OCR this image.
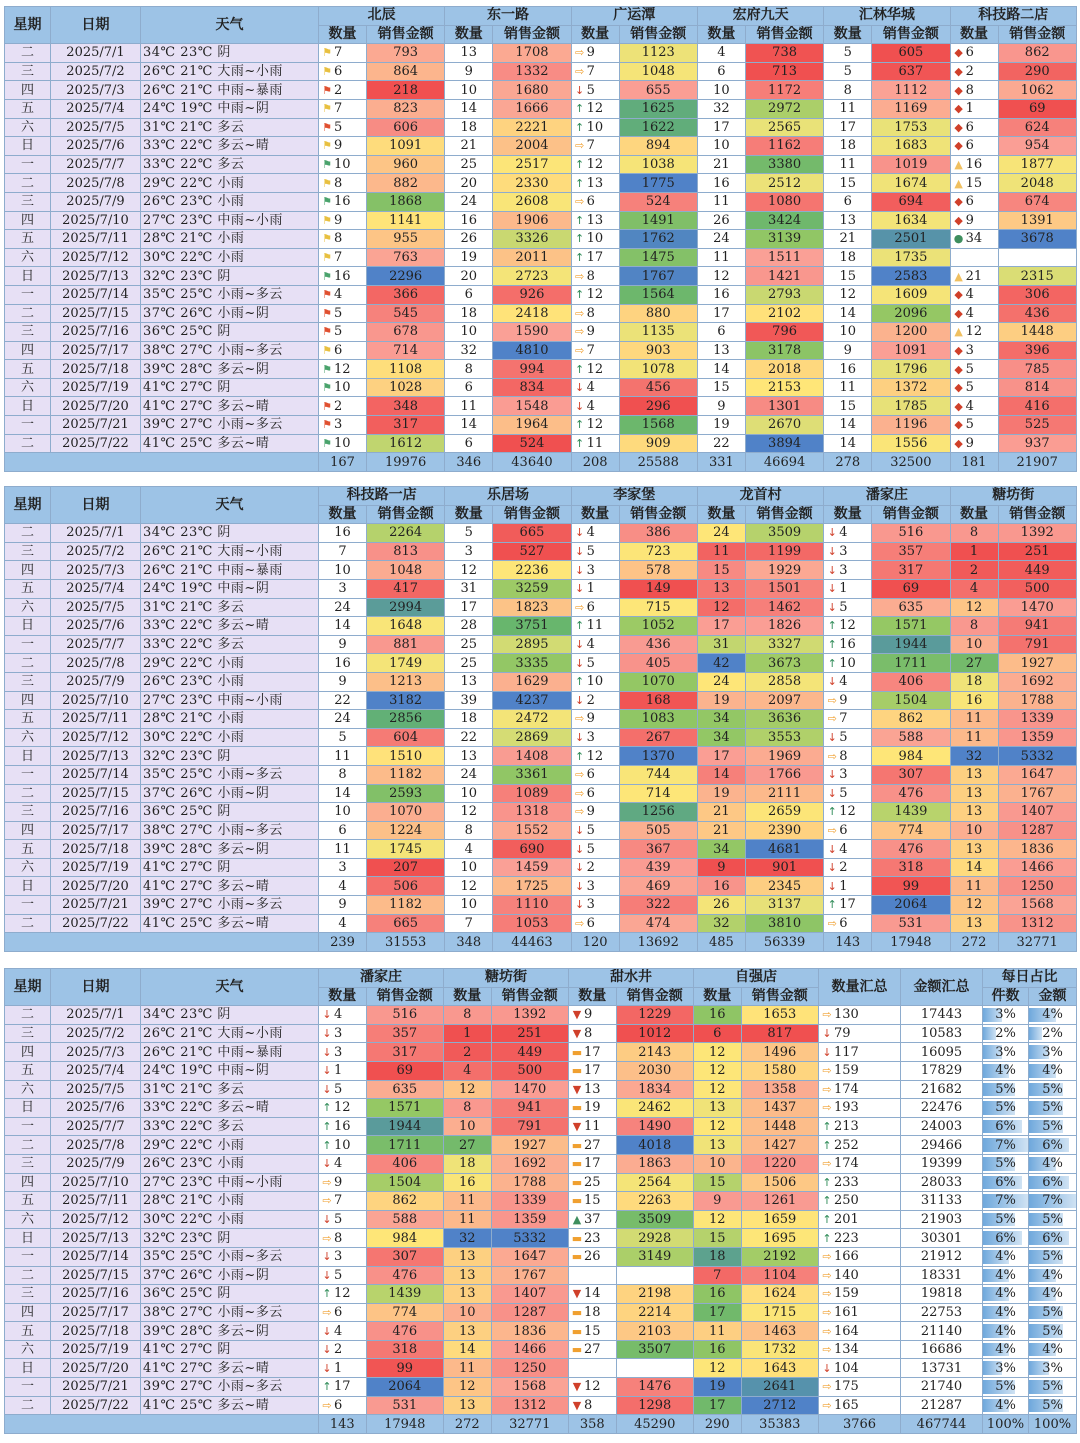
星期	日期	天气	北辰		东一路		广运潭		宏府九天		汇林华城		科技路二店	
			数量	销售金额	数量	销售金额	数量	销售金额	数量	销售金额	数量	销售金额	数量	销售金额
二	2025/7/1	34℃ 23℃ 阴	⚑ 7	793	13	1708	⇨ 9	1123	4	738	5	605	◆ 6	862
三	2025/7/2	26℃ 21℃ 大雨~小雨	⚑ 6	864	9	1332	⇨ 7	1048	6	713	5	637	◆ 2	290
四	2025/7/3	26℃ 21℃ 中雨~暴雨	⚑ 2	218	10	1680	↓ 5	655	10	1172	8	1112	◆ 8	1062
五	2025/7/4	24℃ 19℃ 中雨~阴	⚑ 7	823	14	1666	↑ 12	1625	32	2972	11	1169	◆ 1	69
六	2025/7/5	31℃ 21℃ 多云	⚑ 5	606	18	2221	↑ 10	1622	17	2565	17	1753	◆ 6	624
日	2025/7/6	33℃ 22℃ 多云~晴	⚑ 9	1091	21	2004	⇨ 7	894	10	1162	18	1683	◆ 6	954
一	2025/7/7	33℃ 22℃ 多云	⚑ 10	960	25	2517	↑ 12	1038	21	3380	11	1019	▲ 16	1877
二	2025/7/8	29℃ 22℃ 小雨	⚑ 8	882	20	2330	↑ 13	1775	16	2512	15	1674	▲ 15	2048
三	2025/7/9	26℃ 23℃ 小雨	⚑ 16	1868	24	2608	⇨ 6	524	11	1080	6	694	◆ 6	674
四	2025/7/10	27℃ 23℃ 中雨~小雨	⚑ 9	1141	16	1906	↑ 13	1491	26	3424	13	1634	◆ 9	1391
五	2025/7/11	28℃ 21℃ 小雨	⚑ 8	955	26	3326	↑ 10	1762	24	3139	21	2501	● 34	3678
六	2025/7/12	30℃ 22℃ 小雨	⚑ 7	763	19	2011	↑ 17	1475	11	1511	18	1735		
日	2025/7/13	32℃ 23℃ 阴	⚑ 16	2296	20	2723	⇨ 8	1767	12	1421	15	2583	▲ 21	2315
一	2025/7/14	35℃ 25℃ 小雨~多云	⚑ 4	366	6	926	↑ 12	1564	16	2793	12	1609	◆ 4	306
二	2025/7/15	37℃ 26℃ 小雨~阴	⚑ 5	545	18	2418	⇨ 8	880	17	2102	14	2096	◆ 4	436
三	2025/7/16	36℃ 25℃ 阴	⚑ 5	678	10	1590	⇨ 9	1135	6	796	10	1200	▲ 12	1448
四	2025/7/17	38℃ 27℃ 小雨~多云	⚑ 6	714	32	4810	⇨ 7	903	13	3178	9	1091	◆ 3	396
五	2025/7/18	39℃ 28℃ 多云~阴	⚑ 12	1108	8	994	↑ 12	1078	14	2018	16	1796	◆ 5	785
六	2025/7/19	41℃ 27℃ 阴	⚑ 10	1028	6	834	↓ 4	456	15	2153	11	1372	◆ 5	814
日	2025/7/20	41℃ 27℃ 多云~晴	⚑ 2	348	11	1548	↓ 4	296	9	1301	15	1785	◆ 4	416
一	2025/7/21	39℃ 27℃ 小雨~多云	⚑ 3	317	14	1964	↑ 12	1568	19	2670	14	1196	◆ 5	525
二	2025/7/22	41℃ 25℃ 多云~晴	⚑ 10	1612	6	524	↑ 11	909	22	3894	14	1556	◆ 9	937
			167	19976	346	43640	208	25588	331	46694	278	32500	181	21907
星期	日期	天气	科技路一店		乐居场		李家堡		龙首村		潘家庄		糖坊街	
			数量	销售金额	数量	销售金额	数量	销售金额	数量	销售金额	数量	销售金额	数量	销售金额
二	2025/7/1	34℃ 23℃ 阴	16	2264	5	665	↓ 4	386	24	3509	↓ 4	516	8	1392
三	2025/7/2	26℃ 21℃ 大雨~小雨	7	813	3	527	↓ 5	723	11	1199	↓ 3	357	1	251
四	2025/7/3	26℃ 21℃ 中雨~暴雨	10	1048	12	2236	↓ 3	578	15	1929	↓ 3	317	2	449
五	2025/7/4	24℃ 19℃ 中雨~阴	3	417	31	3259	↓ 1	149	13	1501	↓ 1	69	4	500
六	2025/7/5	31℃ 21℃ 多云	24	2994	17	1823	⇨ 6	715	12	1462	↓ 5	635	12	1470
日	2025/7/6	33℃ 22℃ 多云~晴	14	1648	28	3751	↑ 11	1052	17	1826	↑ 12	1571	8	941
一	2025/7/7	33℃ 22℃ 多云	9	881	25	2895	↓ 4	436	31	3327	↑ 16	1944	10	791
二	2025/7/8	29℃ 22℃ 小雨	16	1749	25	3335	↓ 5	405	42	3673	↑ 10	1711	27	1927
三	2025/7/9	26℃ 23℃ 小雨	9	1213	13	1629	↑ 10	1070	24	2858	↓ 4	406	18	1692
四	2025/7/10	27℃ 23℃ 中雨~小雨	22	3182	39	4237	↓ 2	168	19	2097	⇨ 9	1504	16	1788
五	2025/7/11	28℃ 21℃ 小雨	24	2856	18	2472	⇨ 9	1083	34	3636	⇨ 7	862	11	1339
六	2025/7/12	30℃ 22℃ 小雨	5	604	22	2869	↓ 3	267	34	3553	↓ 5	588	11	1359
日	2025/7/13	32℃ 23℃ 阴	11	1510	13	1408	↑ 12	1370	17	1969	⇨ 8	984	32	5332
一	2025/7/14	35℃ 25℃ 小雨~多云	8	1182	24	3361	⇨ 6	744	14	1766	↓ 3	307	13	1647
二	2025/7/15	37℃ 26℃ 小雨~阴	14	2593	10	1089	⇨ 6	714	19	2111	↓ 5	476	13	1767
三	2025/7/16	36℃ 25℃ 阴	10	1070	12	1318	⇨ 9	1256	21	2659	↑ 12	1439	13	1407
四	2025/7/17	38℃ 27℃ 小雨~多云	6	1224	8	1552	↓ 5	505	21	2390	⇨ 6	774	10	1287
五	2025/7/18	39℃ 28℃ 多云~阴	11	1745	4	690	↓ 5	367	34	4681	↓ 4	476	13	1836
六	2025/7/19	41℃ 27℃ 阴	3	207	10	1459	↓ 2	439	9	901	↓ 2	318	14	1466
日	2025/7/20	41℃ 27℃ 多云~晴	4	506	12	1725	↓ 3	469	16	2345	↓ 1	99	11	1250
一	2025/7/21	39℃ 27℃ 小雨~多云	9	1182	10	1110	↓ 3	322	26	3137	↑ 17	2064	12	1568
二	2025/7/22	41℃ 25℃ 多云~晴	4	665	7	1053	⇨ 6	474	32	3810	⇨ 6	531	13	1312
			239	31553	348	44463	120	13692	485	56339	143	17948	272	32771
星期	日期	天气	潘家庄		糖坊街		甜水井		自强店		数量汇总	金额汇总	每日占比	
			数量	销售金额	数量	销售金额	数量	销售金额	数量	销售金额			件数	金额
二	2025/7/1	34℃ 23℃ 阴	↓ 4	516	8	1392	▼ 9	1229	16	1653	⇨ 130	17443	3%	4%
三	2025/7/2	26℃ 21℃ 大雨~小雨	↓ 3	357	1	251	▼ 8	1012	6	817	↓ 79	10583	2%	2%
四	2025/7/3	26℃ 21℃ 中雨~暴雨	↓ 3	317	2	449	▬ 17	2143	12	1496	↓ 117	16095	3%	3%
五	2025/7/4	24℃ 19℃ 中雨~阴	↓ 1	69	4	500	▬ 17	2030	12	1580	⇨ 159	17829	4%	4%
六	2025/7/5	31℃ 21℃ 多云	↓ 5	635	12	1470	▼ 13	1834	12	1358	⇨ 174	21682	5%	5%
日	2025/7/6	33℃ 22℃ 多云~晴	↑ 12	1571	8	941	▬ 19	2462	13	1437	⇨ 193	22476	5%	5%
一	2025/7/7	33℃ 22℃ 多云	↑ 16	1944	10	791	▼ 11	1490	12	1448	↑ 213	24003	6%	5%
二	2025/7/8	29℃ 22℃ 小雨	↑ 10	1711	27	1927	▬ 27	4018	13	1427	↑ 252	29466	7%	6%
三	2025/7/9	26℃ 23℃ 小雨	↓ 4	406	18	1692	▬ 17	1863	10	1220	⇨ 174	19399	5%	4%
四	2025/7/10	27℃ 23℃ 中雨~小雨	⇨ 9	1504	16	1788	▬ 25	2564	15	1506	↑ 233	28033	6%	6%
五	2025/7/11	28℃ 21℃ 小雨	⇨ 7	862	11	1339	▬ 15	2263	9	1261	↑ 250	31133	7%	7%
六	2025/7/12	30℃ 22℃ 小雨	↓ 5	588	11	1359	▲ 37	3509	12	1659	↑ 201	21903	5%	5%
日	2025/7/13	32℃ 23℃ 阴	⇨ 8	984	32	5332	▬ 23	2928	15	1695	↑ 223	30301	6%	6%
一	2025/7/14	35℃ 25℃ 小雨~多云	↓ 3	307	13	1647	▬ 26	3149	18	2192	⇨ 166	21912	4%	5%
二	2025/7/15	37℃ 26℃ 小雨~阴	↓ 5	476	13	1767			7	1104	⇨ 140	18331	4%	4%
三	2025/7/16	36℃ 25℃ 阴	↑ 12	1439	13	1407	▼ 14	2198	16	1624	⇨ 159	19818	4%	4%
四	2025/7/17	38℃ 27℃ 小雨~多云	⇨ 6	774	10	1287	▬ 18	2214	17	1715	⇨ 161	22753	4%	5%
五	2025/7/18	39℃ 28℃ 多云~阴	↓ 4	476	13	1836	▬ 15	2103	11	1463	⇨ 164	21140	4%	5%
六	2025/7/19	41℃ 27℃ 阴	↓ 2	318	14	1466	▬ 27	3507	16	1732	⇨ 134	16686	4%	4%
日	2025/7/20	41℃ 27℃ 多云~晴	↓ 1	99	11	1250			12	1643	↓ 104	13731	3%	3%
一	2025/7/21	39℃ 27℃ 小雨~多云	↑ 17	2064	12	1568	▼ 12	1476	19	2641	⇨ 175	21740	5%	5%
二	2025/7/22	41℃ 25℃ 多云~晴	⇨ 6	531	13	1312	▼ 8	1298	17	2712	⇨ 165	21287	4%	5%
			143	17948	272	32771	358	45290	290	35383	3766	467744	100%	100%
